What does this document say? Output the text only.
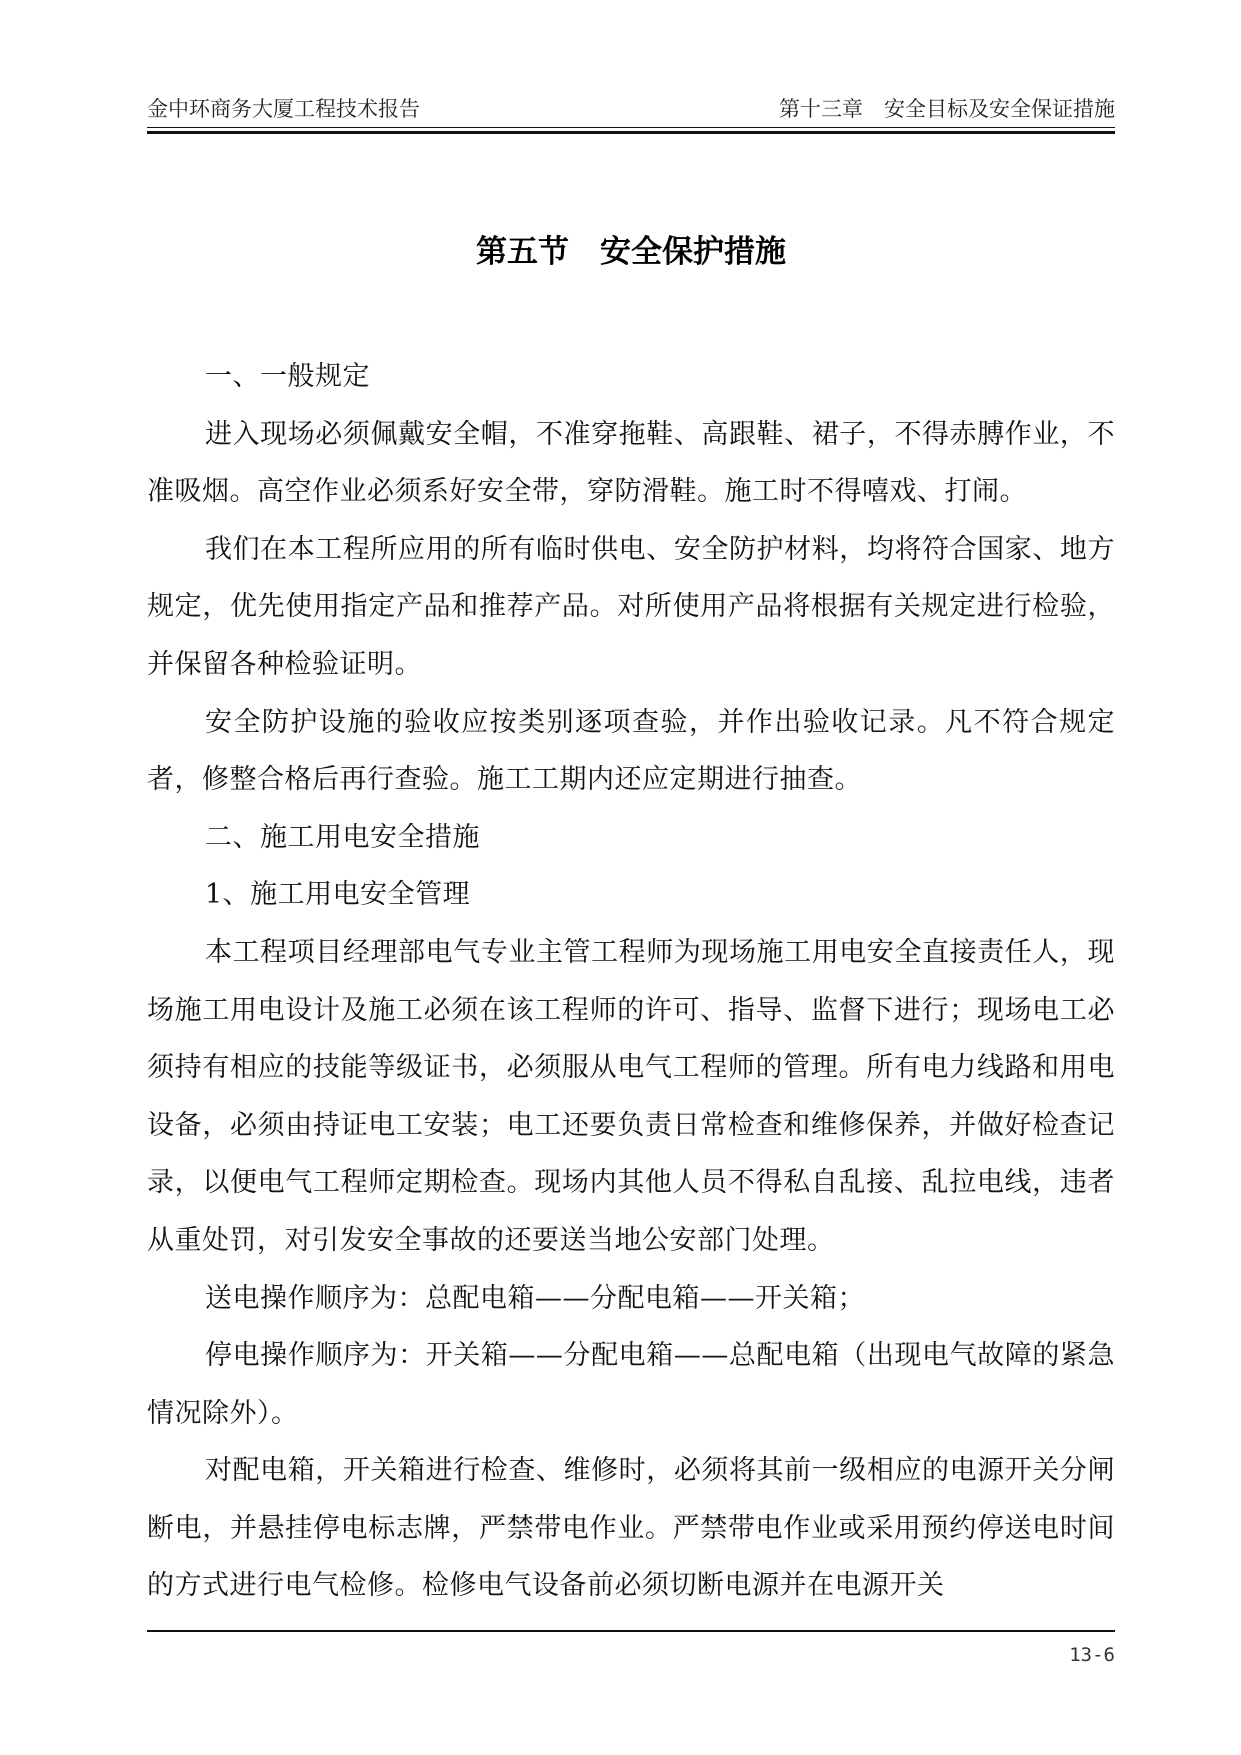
金中环商务大厦工程技术报告	第十三章　安全目标及安全保证措施
第五节　安全保护措施

一、一般规定

进入现场必须佩戴安全帽，不准穿拖鞋、高跟鞋、裙子，不得赤膊作业，不准吸烟。高空作业必须系好安全带，穿防滑鞋。施工时不得嘻戏、打闹。

我们在本工程所应用的所有临时供电、安全防护材料，均将符合国家、地方规定，优先使用指定产品和推荐产品。对所使用产品将根据有关规定进行检验，并保留各种检验证明。

安全防护设施的验收应按类别逐项查验，并作出验收记录。凡不符合规定者，修整合格后再行查验。施工工期内还应定期进行抽查。

二、施工用电安全措施

1、施工用电安全管理

本工程项目经理部电气专业主管工程师为现场施工用电安全直接责任人，现场施工用电设计及施工必须在该工程师的许可、指导、监督下进行；现场电工必须持有相应的技能等级证书，必须服从电气工程师的管理。所有电力线路和用电设备，必须由持证电工安装；电工还要负责日常检查和维修保养，并做好检查记录，以便电气工程师定期检查。现场内其他人员不得私自乱接、乱拉电线，违者从重处罚，对引发安全事故的还要送当地公安部门处理。

送电操作顺序为：总配电箱——分配电箱——开关箱；

停电操作顺序为：开关箱——分配电箱——总配电箱（出现电气故障的紧急情况除外）。

对配电箱，开关箱进行检查、维修时，必须将其前一级相应的电源开关分闸断电，并悬挂停电标志牌，严禁带电作业。严禁带电作业或采用预约停送电时间的方式进行电气检修。检修电气设备前必须切断电源并在电源开关

13-6
